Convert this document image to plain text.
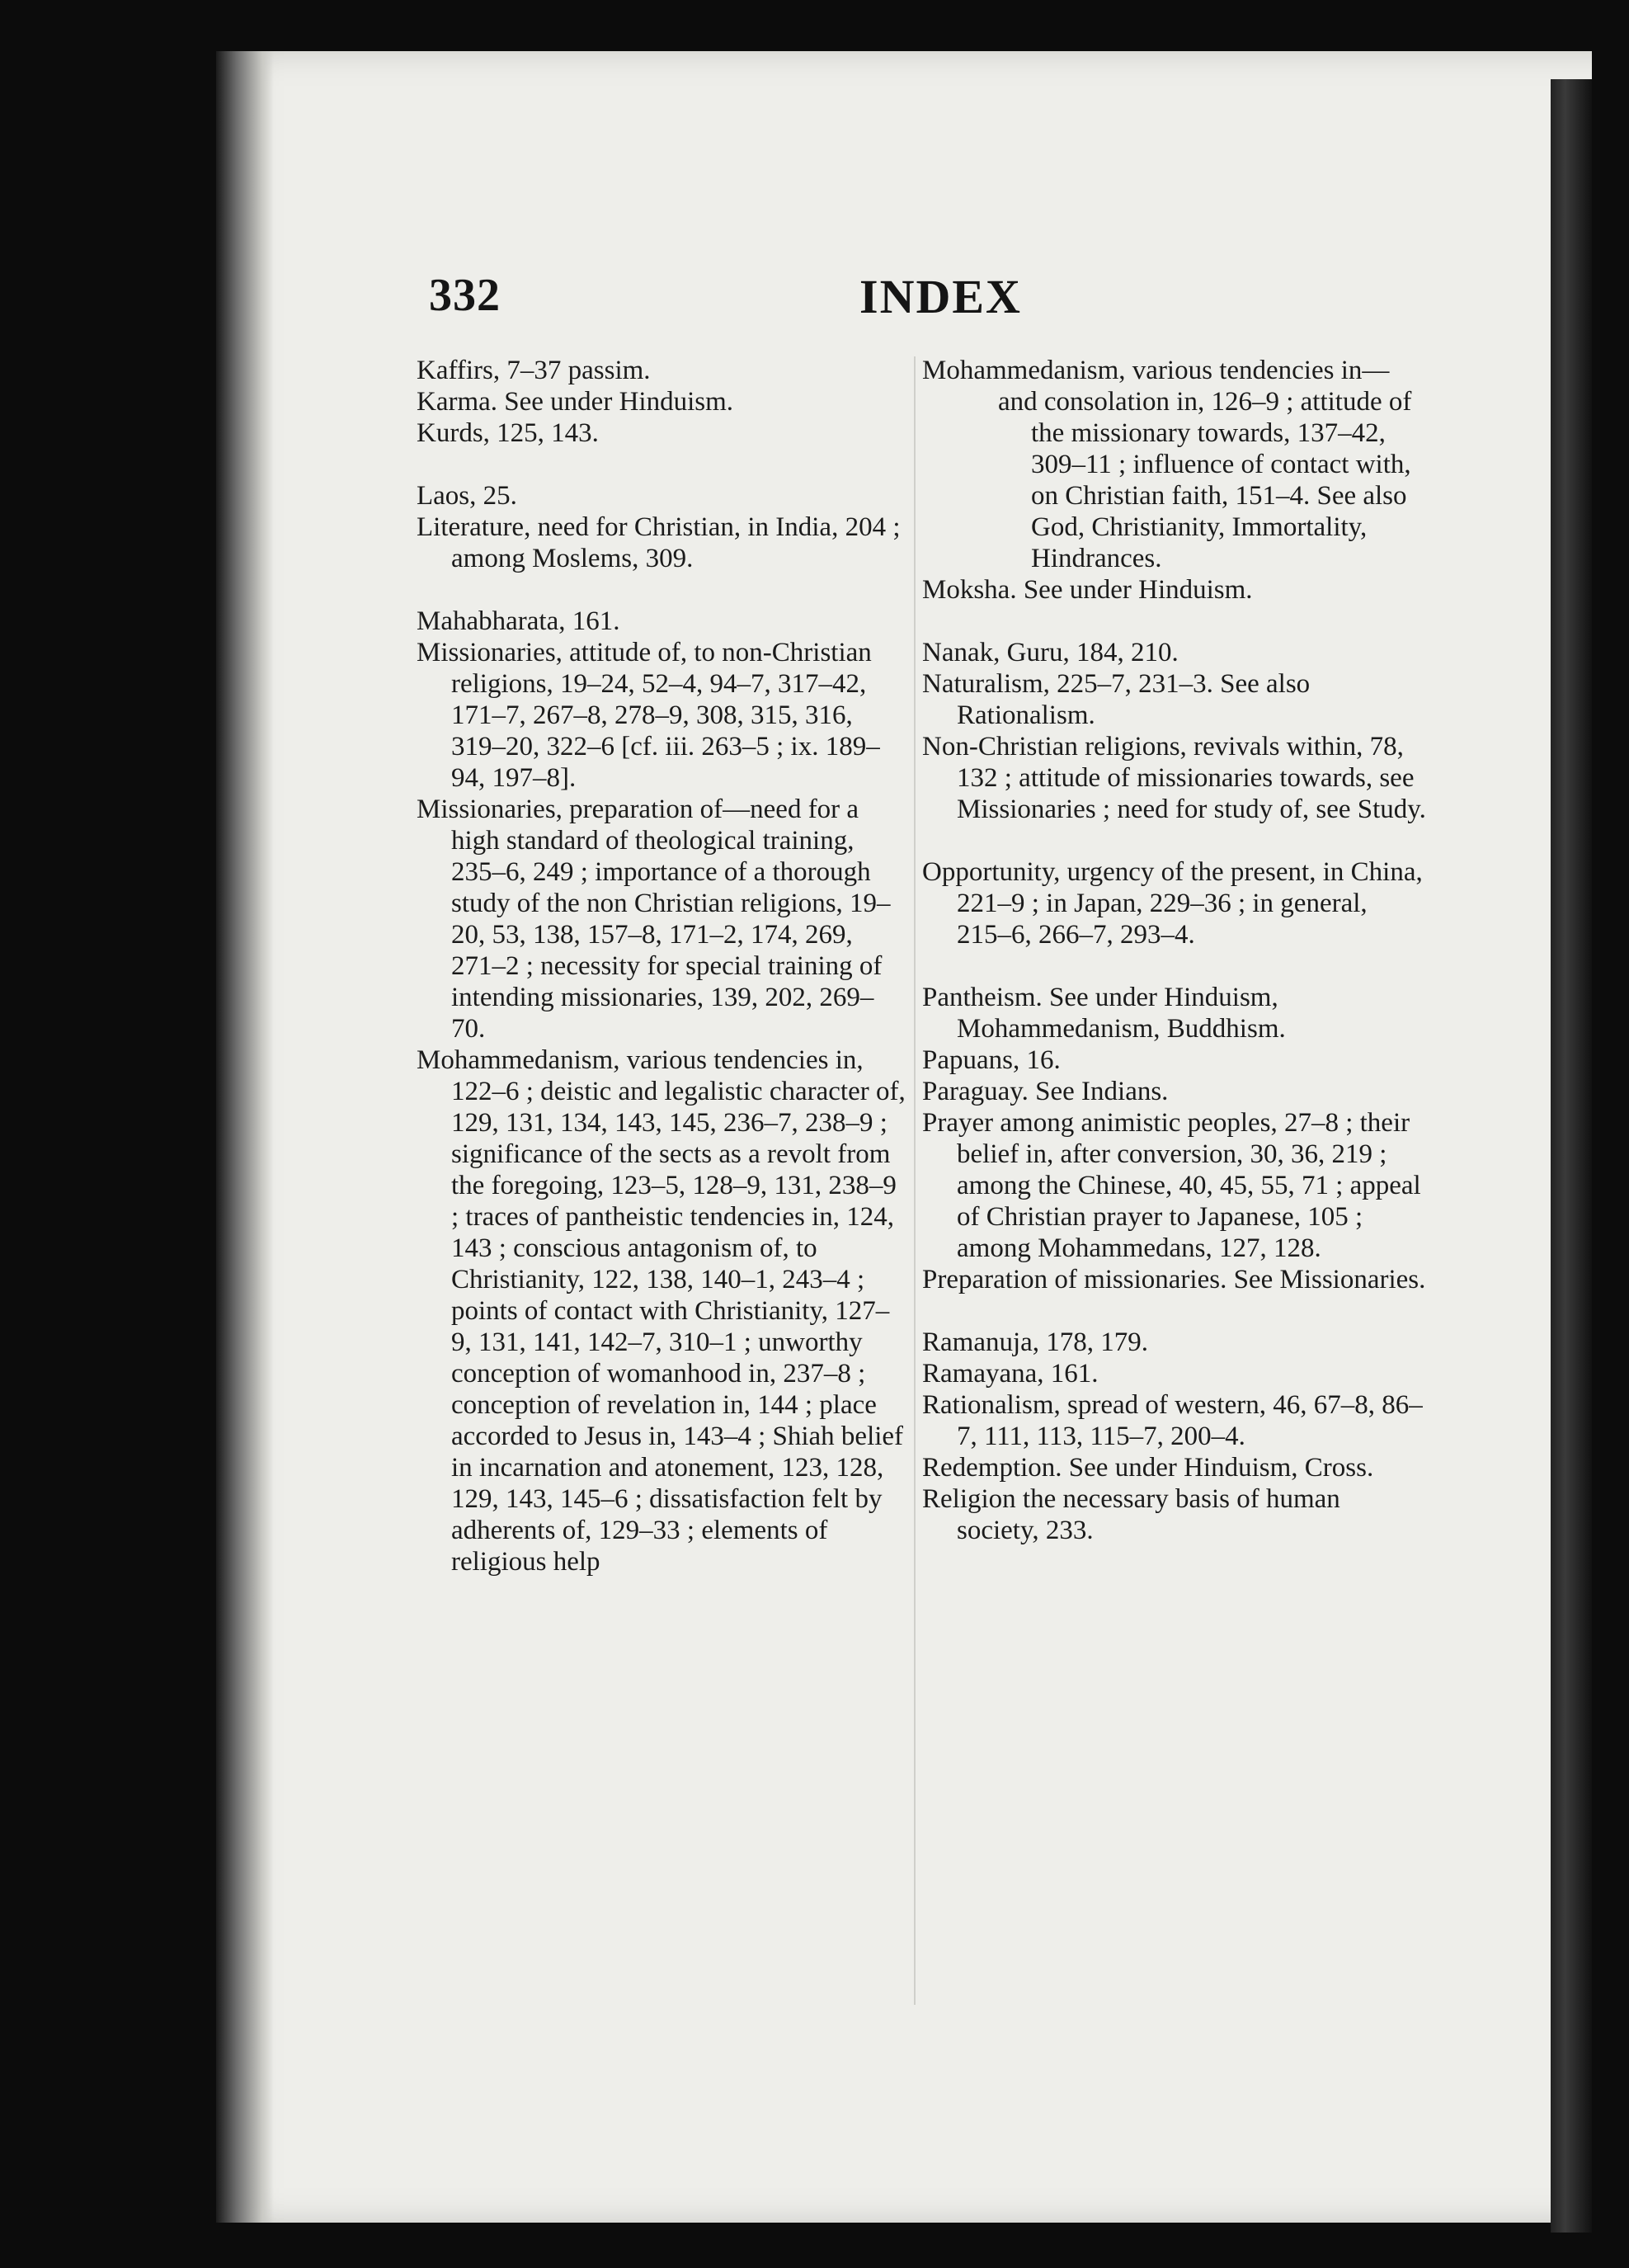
332	INDEX

Kaffirs, 7–37 passim.

Karma. See under Hinduism.

Kurds, 125, 143.

Laos, 25.

Literature, need for Christian, in India, 204 ; among Moslems, 309.

Mahabharata, 161.

Missionaries, attitude of, to non-Christian religions, 19–24, 52–4, 94–7, 317–42, 171–7, 267–8, 278–9, 308, 315, 316, 319–20, 322–6 [cf. iii. 263–5 ; ix. 189–94, 197–8].

Missionaries, preparation of—need for a high standard of theological training, 235–6, 249 ; importance of a thorough study of the non Christian religions, 19–20, 53, 138, 157–8, 171–2, 174, 269, 271–2 ; necessity for special training of intending missionaries, 139, 202, 269–70.

Mohammedanism, various tendencies in, 122–6 ; deistic and legalistic character of, 129, 131, 134, 143, 145, 236–7, 238–9 ; significance of the sects as a revolt from the foregoing, 123–5, 128–9, 131, 238–9 ; traces of pantheistic tendencies in, 124, 143 ; conscious antagonism of, to Christianity, 122, 138, 140–1, 243–4 ; points of contact with Christianity, 127–9, 131, 141, 142–7, 310–1 ; unworthy conception of womanhood in, 237–8 ; conception of revelation in, 144 ; place accorded to Jesus in, 143–4 ; Shiah belief in incarnation and atonement, 123, 128, 129, 143, 145–6 ; dissatisfaction felt by adherents of, 129–33 ; elements of religious help

Mohammedanism, various tendencies in—

and consolation in, 126–9 ; attitude of the missionary towards, 137–42, 309–11 ; influence of contact with, on Christian faith, 151–4. See also God, Christianity, Immortality, Hindrances.

Moksha. See under Hinduism.

Nanak, Guru, 184, 210.

Naturalism, 225–7, 231–3. See also Rationalism.

Non-Christian religions, revivals within, 78, 132 ; attitude of missionaries towards, see Missionaries ; need for study of, see Study.

Opportunity, urgency of the present, in China, 221–9 ; in Japan, 229–36 ; in general, 215–6, 266–7, 293–4.

Pantheism. See under Hinduism, Mohammedanism, Buddhism.

Papuans, 16.

Paraguay. See Indians.

Prayer among animistic peoples, 27–8 ; their belief in, after conversion, 30, 36, 219 ; among the Chinese, 40, 45, 55, 71 ; appeal of Christian prayer to Japanese, 105 ; among Mohammedans, 127, 128.

Preparation of missionaries. See Missionaries.

Ramanuja, 178, 179.

Ramayana, 161.

Rationalism, spread of western, 46, 67–8, 86–7, 111, 113, 115–7, 200–4.

Redemption. See under Hinduism, Cross.

Religion the necessary basis of human society, 233.
